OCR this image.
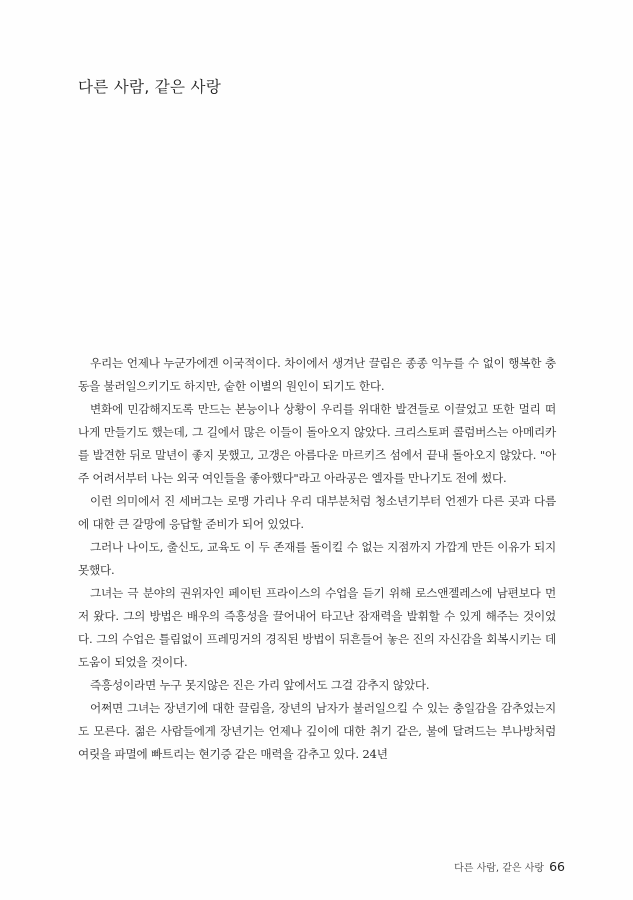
다른 사람, 같은 사랑

우리는 언제나 누군가에겐 이국적이다. 차이에서 생겨난 끌림은 종종 익누를 수 없이 행복한 충동을 불러일으키기도 하지만, 숱한 이별의 원인이 되기도 한다.

변화에 민감해지도록 만드는 본능이나 상황이 우리를 위대한 발견들로 이끌었고 또한 멀리 떠나게 만들기도 했는데, 그 길에서 많은 이들이 돌아오지 않았다. 크리스토퍼 콜럼버스는 아메리카를 발견한 뒤로 말년이 좋지 못했고, 고갱은 아름다운 마르키즈 섬에서 끝내 돌아오지 않았다. "아주 어려서부터 나는 외국 여인들을 좋아했다"라고 아라공은 엘자를 만나기도 전에 썼다.

이런 의미에서 진 세버그는 로맹 가리나 우리 대부분처럼 청소년기부터 언젠가 다른 곳과 다름에 대한 큰 갈망에 응답할 준비가 되어 있었다.

그러나 나이도, 출신도, 교육도 이 두 존재를 돌이킬 수 없는 지점까지 가깝게 만든 이유가 되지 못했다.

그녀는 극 분야의 권위자인 페이턴 프라이스의 수업을 듣기 위해 로스앤젤레스에 남편보다 먼저 왔다. 그의 방법은 배우의 즉흥성을 끌어내어 타고난 잠재력을 발휘할 수 있게 해주는 것이었다. 그의 수업은 틀림없이 프레밍거의 경직된 방법이 뒤흔들어 놓은 진의 자신감을 회복시키는 데 도움이 되었을 것이다.

즉흥성이라면 누구 못지않은 진은 가리 앞에서도 그걸 감추지 않았다.

어쩌면 그녀는 장년기에 대한 끌림을, 장년의 남자가 불러일으킬 수 있는 충일감을 감추었는지도 모른다. 젊은 사람들에게 장년기는 언제나 깊이에 대한 취기 같은, 불에 달려드는 부나방처럼 여릿을 파멸에 빠트리는 현기증 같은 매력을 감추고 있다. 24년

다른 사람, 같은 사랑 66
